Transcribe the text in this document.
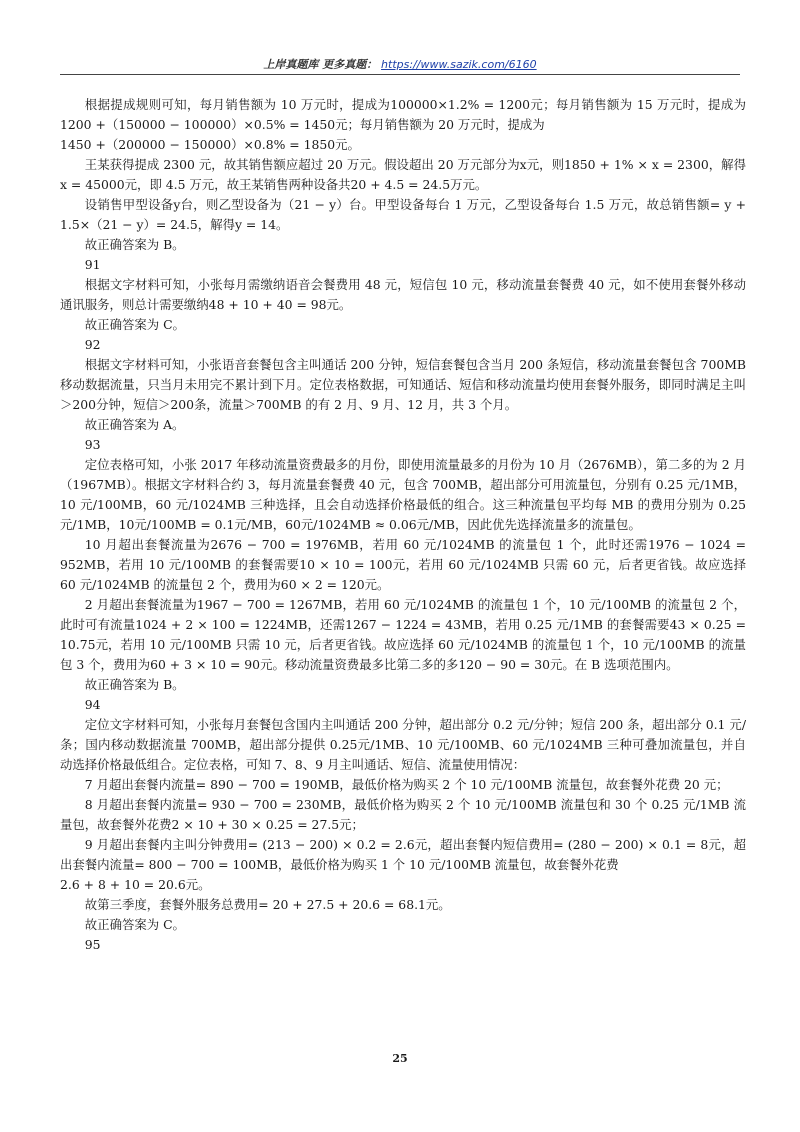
上岸真题库 更多真题： https://www.sazik.com/6160

根据提成规则可知，每月销售额为 10 万元时，提成为100000×1.2% = 1200元；每月销售额为 15 万元时，提成为1200 +（150000 − 100000）×0.5% = 1450元；每月销售额为 20 万元时，提成为

1450 +（200000 − 150000）×0.8% = 1850元。

王某获得提成 2300 元，故其销售额应超过 20 万元。假设超出 20 万元部分为x元，则1850 + 1% × x = 2300，解得x = 45000元，即 4.5 万元，故王某销售两种设备共20 + 4.5 = 24.5万元。

设销售甲型设备y台，则乙型设备为（21 − y）台。甲型设备每台 1 万元，乙型设备每台 1.5 万元，故总销售额= y + 1.5×（21 − y）= 24.5，解得y = 14。

故正确答案为 B。

91

根据文字材料可知，小张每月需缴纳语音会餐费用 48 元，短信包 10 元，移动流量套餐费 40 元，如不使用套餐外移动通讯服务，则总计需要缴纳48 + 10 + 40 = 98元。

故正确答案为 C。

92

根据文字材料可知，小张语音套餐包含主叫通话 200 分钟，短信套餐包含当月 200 条短信，移动流量套餐包含 700MB 移动数据流量，只当月未用完不累计到下月。定位表格数据，可知通话、短信和移动流量均使用套餐外服务，即同时满足主叫＞200分钟，短信＞200条，流量＞700MB 的有 2 月、9 月、12 月，共 3 个月。

故正确答案为 A。

93

定位表格可知，小张 2017 年移动流量资费最多的月份，即使用流量最多的月份为 10 月（2676MB），第二多的为 2 月（1967MB）。根据文字材料合约 3，每月流量套餐费 40 元，包含 700MB，超出部分可用流量包，分别有 0.25 元/1MB，10 元/100MB，60 元/1024MB 三种选择，且会自动选择价格最低的组合。这三种流量包平均每 MB 的费用分别为 0.25 元/1MB，10元/100MB = 0.1元/MB，60元/1024MB ≈ 0.06元/MB，因此优先选择流量多的流量包。

10 月超出套餐流量为2676 − 700 = 1976MB，若用 60 元/1024MB 的流量包 1 个，此时还需1976 − 1024 = 952MB，若用 10 元/100MB 的套餐需要10 × 10 = 100元，若用 60 元/1024MB 只需 60 元，后者更省钱。故应选择 60 元/1024MB 的流量包 2 个，费用为60 × 2 = 120元。

2 月超出套餐流量为1967 − 700 = 1267MB，若用 60 元/1024MB 的流量包 1 个，10 元/100MB 的流量包 2 个，此时可有流量1024 + 2 × 100 = 1224MB，还需1267 − 1224 = 43MB，若用 0.25 元/1MB 的套餐需要43 × 0.25 = 10.75元，若用 10 元/100MB 只需 10 元，后者更省钱。故应选择 60 元/1024MB 的流量包 1 个，10 元/100MB 的流量包 3 个，费用为60 + 3 × 10 = 90元。移动流量资费最多比第二多的多120 − 90 = 30元。在 B 选项范围内。

故正确答案为 B。

94

定位文字材料可知，小张每月套餐包含国内主叫通话 200 分钟，超出部分 0.2 元/分钟；短信 200 条，超出部分 0.1 元/条；国内移动数据流量 700MB，超出部分提供 0.25元/1MB、10 元/100MB、60 元/1024MB 三种可叠加流量包，并自动选择价格最低组合。定位表格，可知 7、8、9 月主叫通话、短信、流量使用情况：

7 月超出套餐内流量= 890 − 700 = 190MB，最低价格为购买 2 个 10 元/100MB 流量包，故套餐外花费 20 元；

8 月超出套餐内流量= 930 − 700 = 230MB，最低价格为购买 2 个 10 元/100MB 流量包和 30 个 0.25 元/1MB 流量包，故套餐外花费2 × 10 + 30 × 0.25 = 27.5元；

9 月超出套餐内主叫分钟费用= (213 − 200) × 0.2 = 2.6元，超出套餐内短信费用= (280 − 200) × 0.1 = 8元，超出套餐内流量= 800 − 700 = 100MB，最低价格为购买 1 个 10 元/100MB 流量包，故套餐外花费

2.6 + 8 + 10 = 20.6元。

故第三季度，套餐外服务总费用= 20 + 27.5 + 20.6 = 68.1元。

故正确答案为 C。

95

25
